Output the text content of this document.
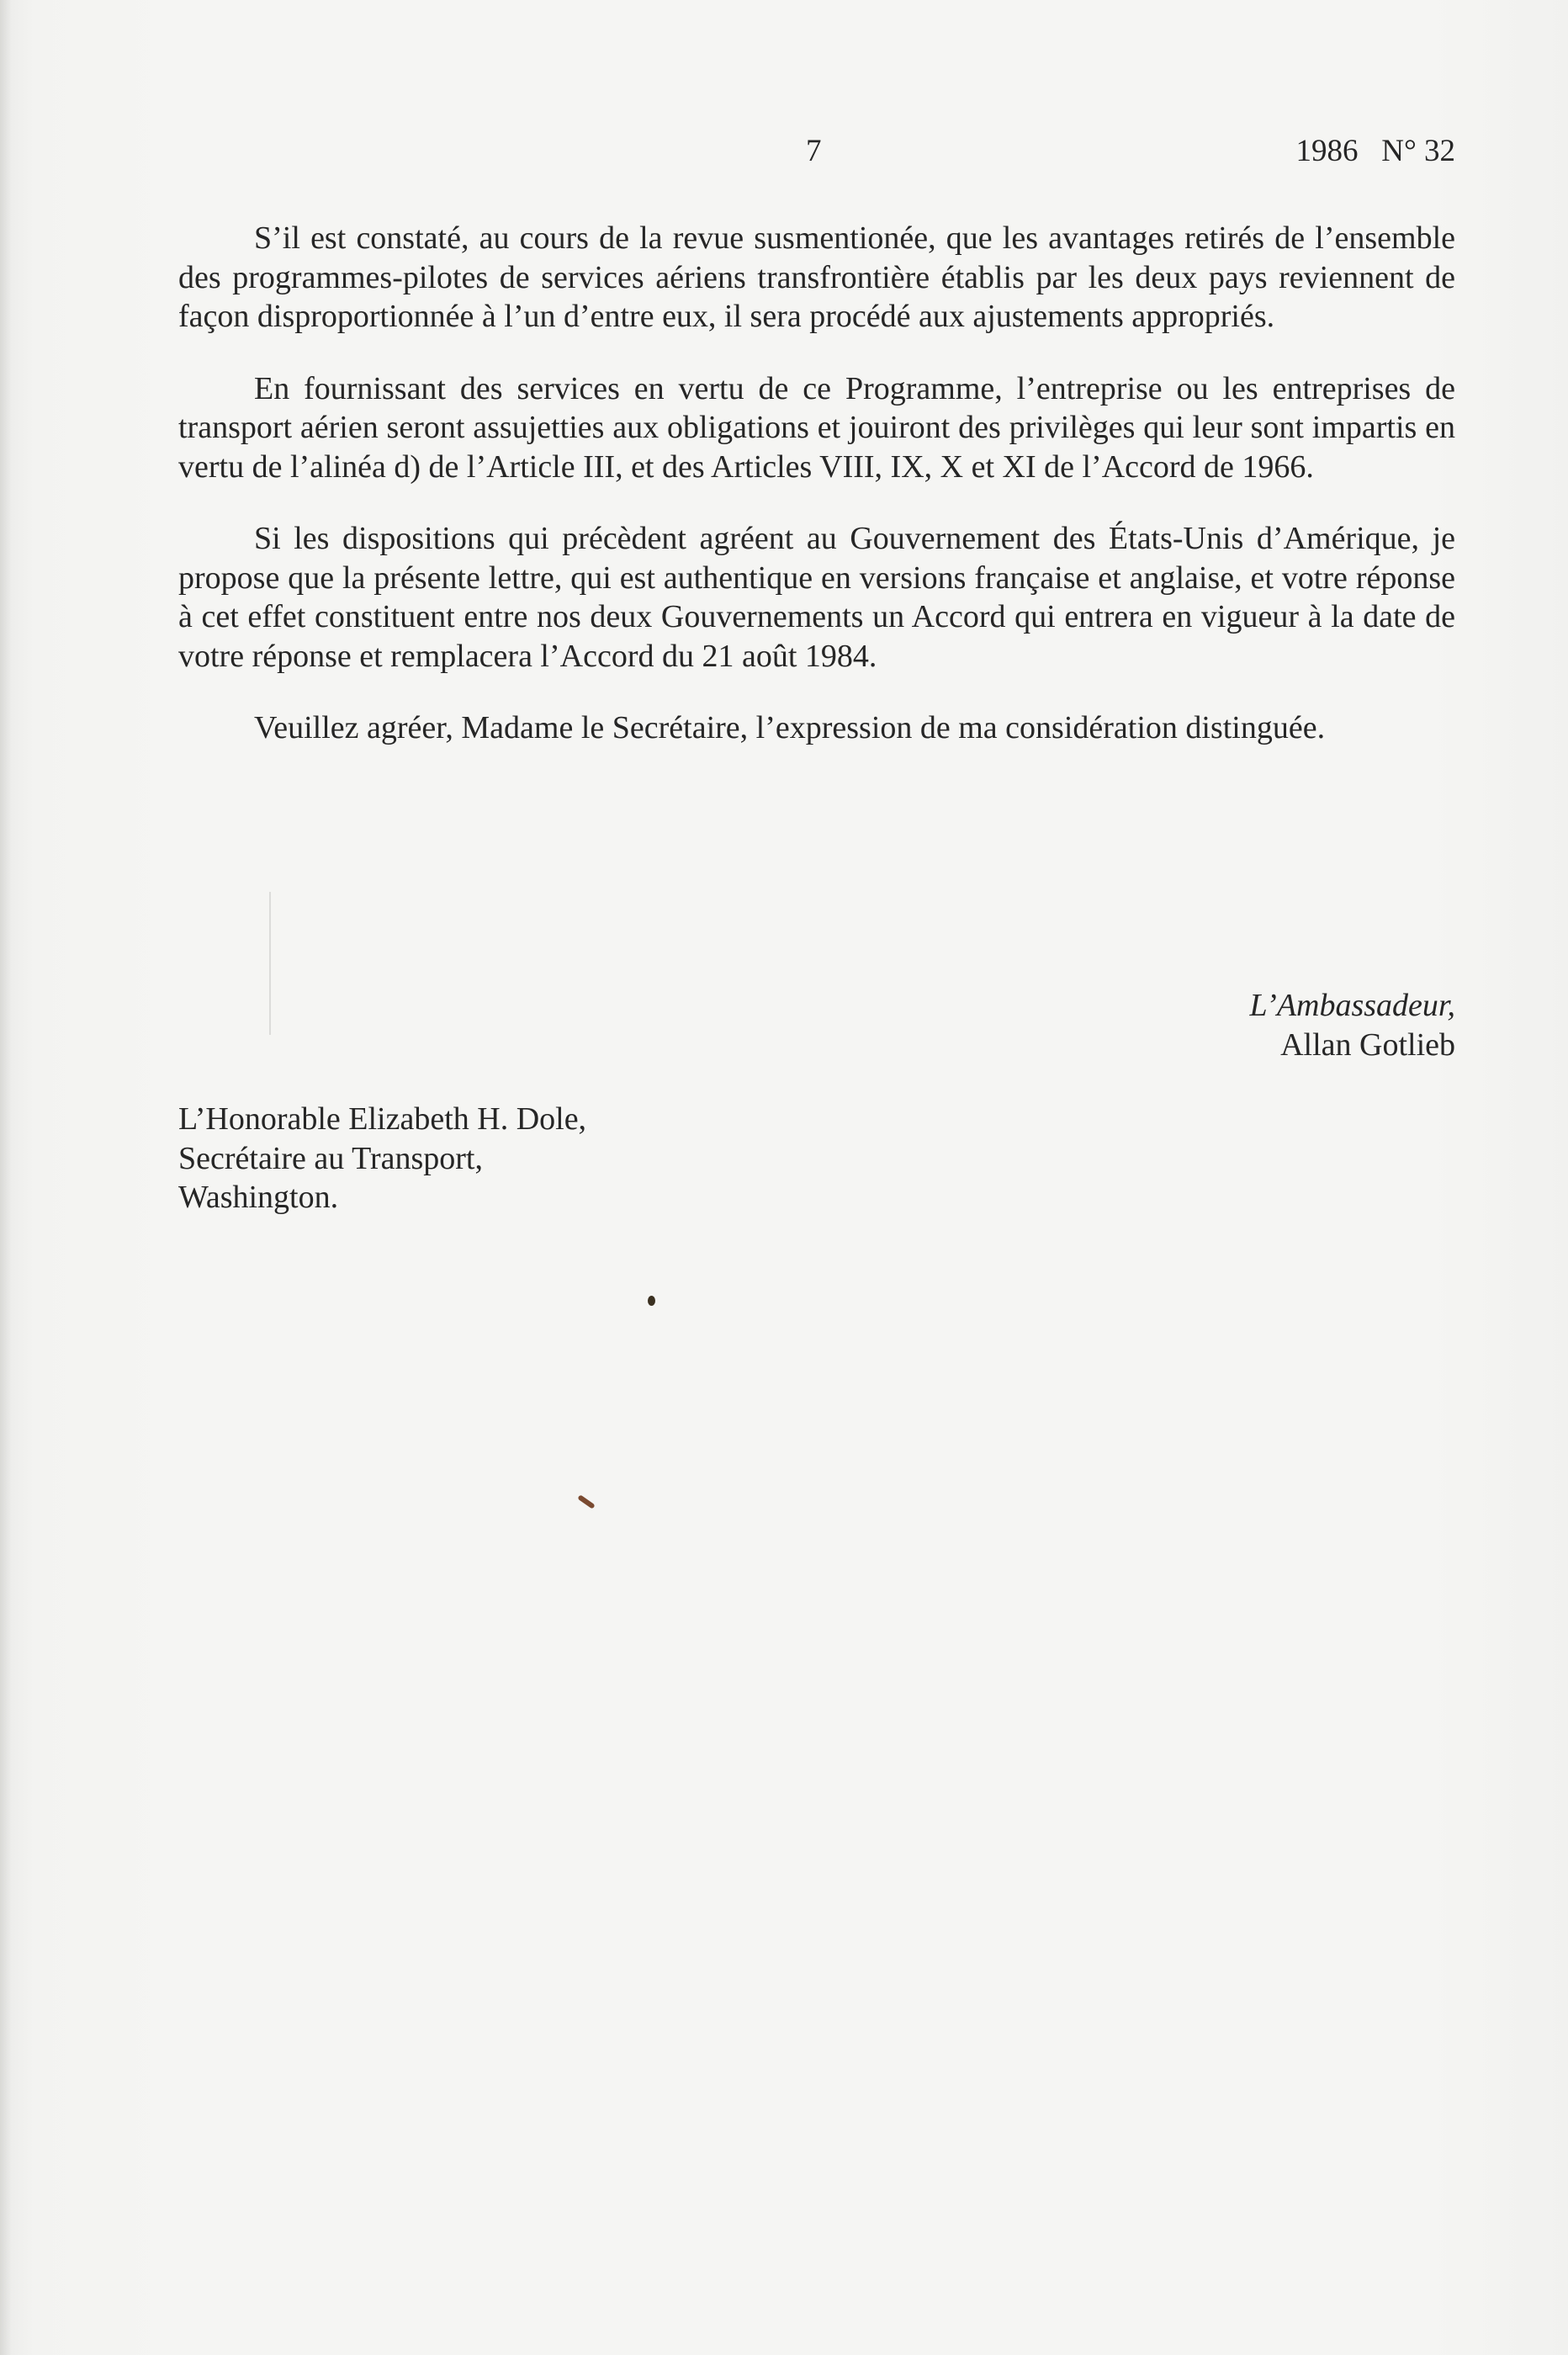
7	1986   N° 32

S’il est constaté, au cours de la revue susmentionée, que les avantages retirés de l’ensemble des programmes-pilotes de services aériens transfrontière établis par les deux pays reviennent de façon disproportionnée à l’un d’entre eux, il sera procédé aux ajustements appropriés.

En fournissant des services en vertu de ce Programme, l’entreprise ou les entreprises de transport aérien seront assujetties aux obligations et jouiront des privilèges qui leur sont impartis en vertu de l’alinéa d) de l’Article III, et des Articles VIII, IX, X et XI de l’Accord de 1966.

Si les dispositions qui précèdent agréent au Gouvernement des États-Unis d’Amérique, je propose que la présente lettre, qui est authentique en versions française et anglaise, et votre réponse à cet effet constituent entre nos deux Gouvernements un Accord qui entrera en vigueur à la date de votre réponse et remplacera l’Accord du 21 août 1984.

Veuillez agréer, Madame le Secrétaire, l’expression de ma considération distinguée.

L’Ambassadeur,
Allan Gotlieb
L’Honorable Elizabeth H. Dole,
Secrétaire au Transport,
Washington.
